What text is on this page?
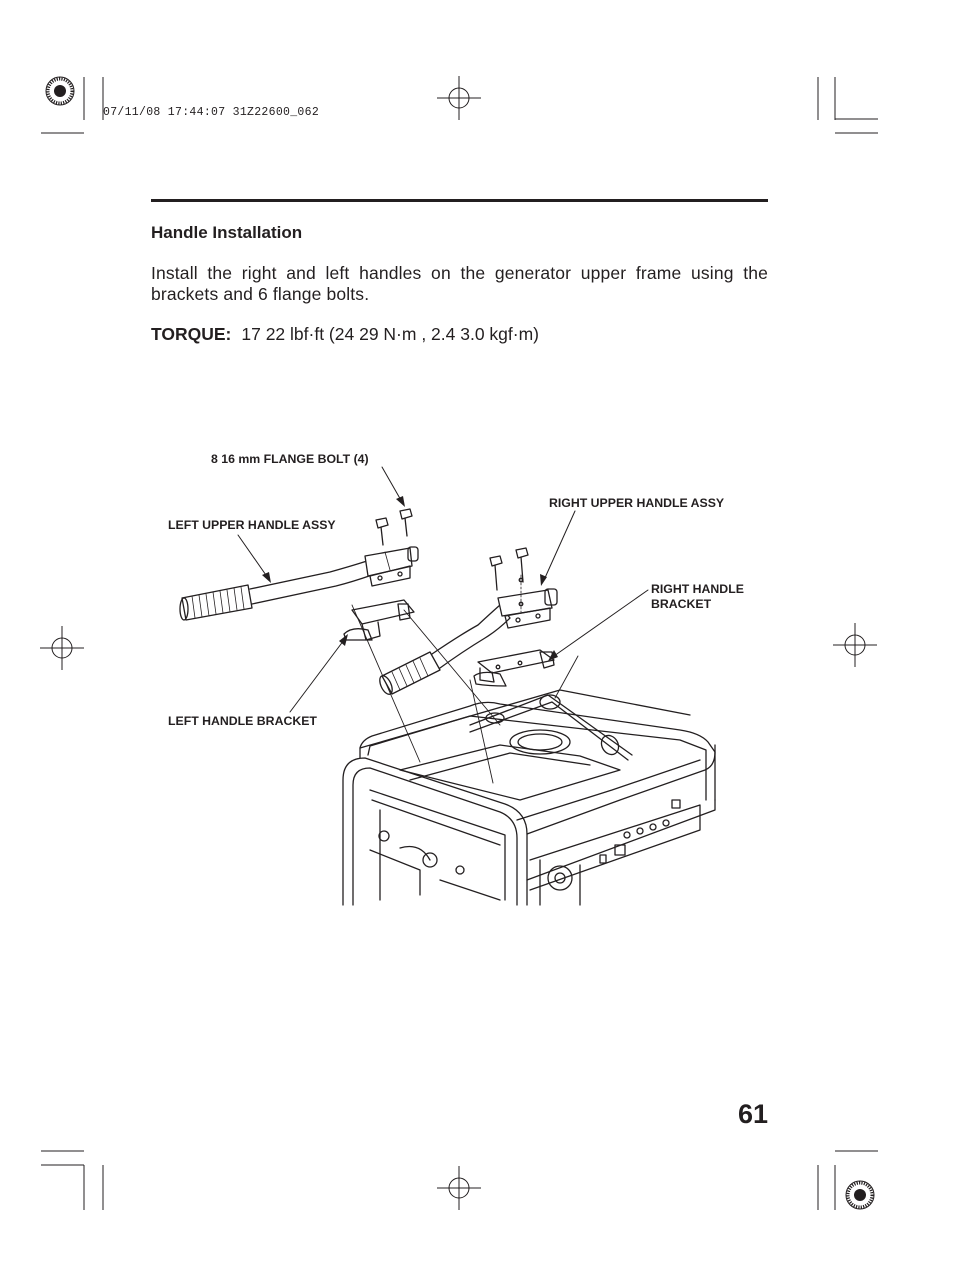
07/11/08 17:44:07 31Z22600_062
Handle Installation
Install the right and left handles on the generator upper frame using the brackets and 6 flange bolts.
TORQUE: 17 22 lbf·ft (24 29 N·m , 2.4 3.0 kgf·m)
8 16 mm FLANGE BOLT (4)
LEFT UPPER HANDLE ASSY
RIGHT UPPER HANDLE ASSY
RIGHT HANDLE
BRACKET
LEFT HANDLE BRACKET
61
